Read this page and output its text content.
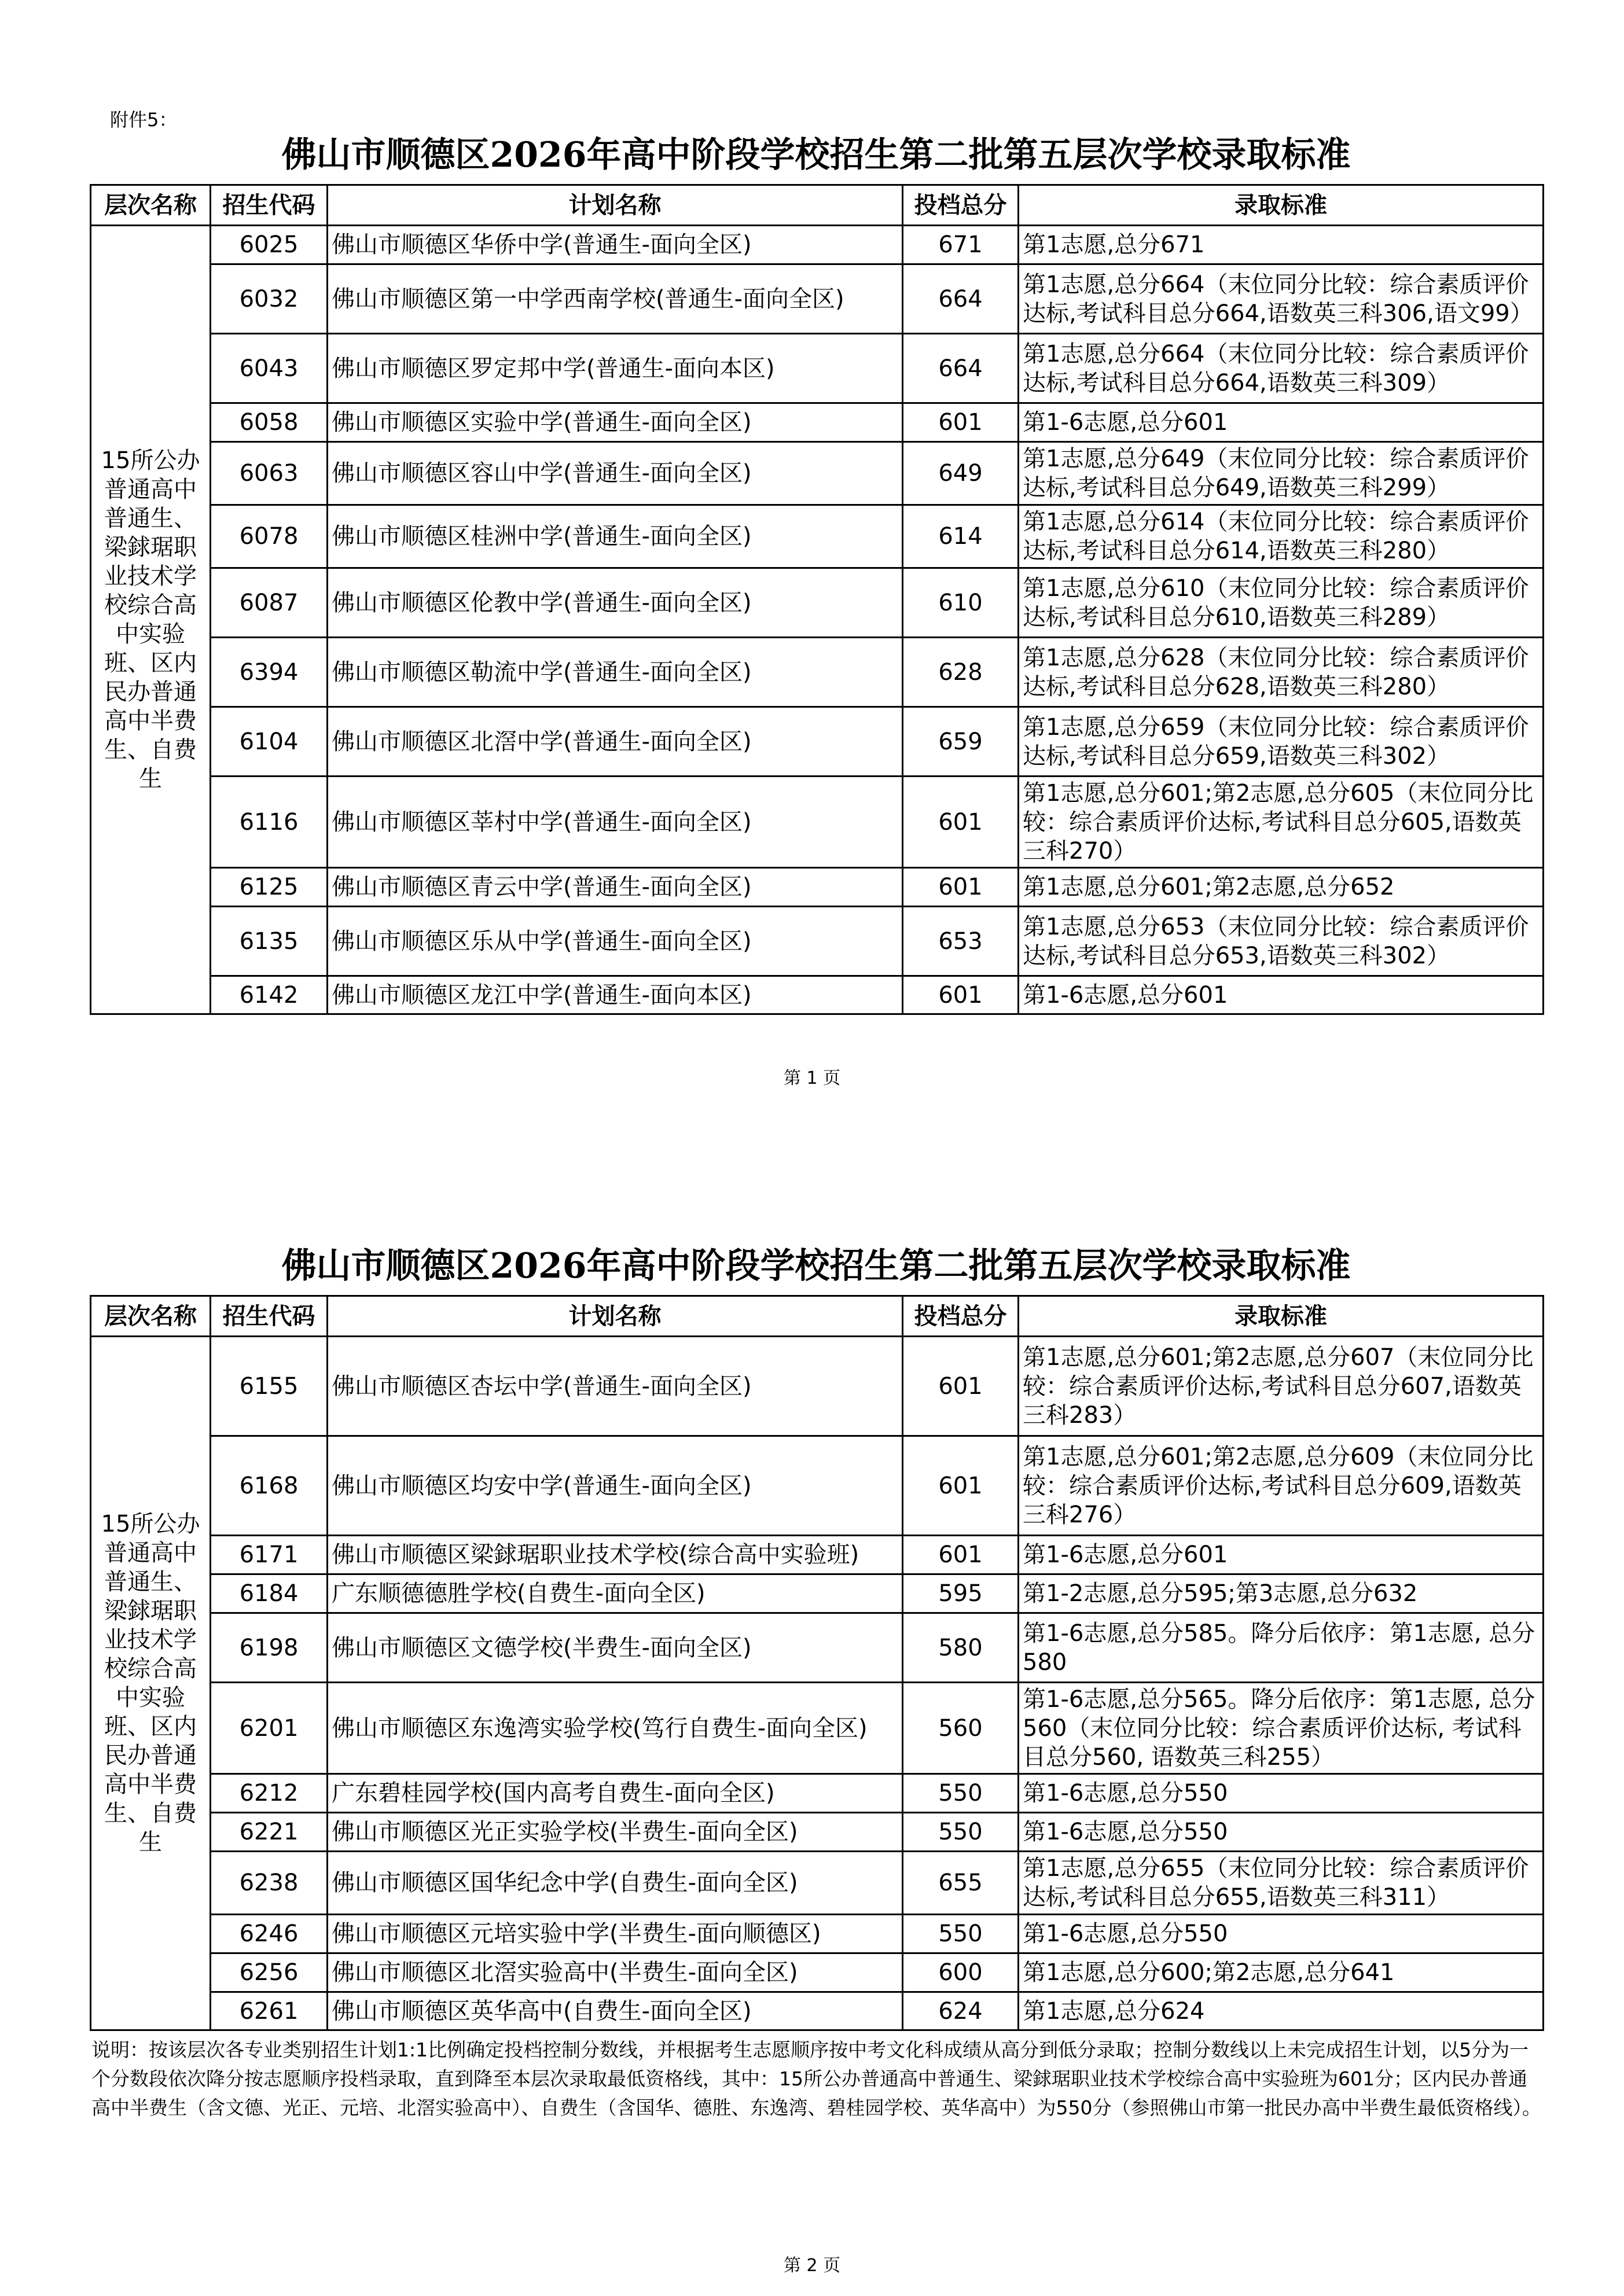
附件5：
佛山市顺德区2026年高中阶段学校招生第二批第五层次学校录取标准
层次名称	招生代码	计划名称	投档总分	录取标准
15所公办普通高中普通生、梁銶琚职业技术学校综合高中实验班、区内民办普通高中半费生、自费生	6025	佛山市顺德区华侨中学(普通生-面向全区)	671	第1志愿,总分671
	6032	佛山市顺德区第一中学西南学校(普通生-面向全区)	664	第1志愿,总分664（末位同分比较：综合素质评价达标,考试科目总分664,语数英三科306,语文99）
	6043	佛山市顺德区罗定邦中学(普通生-面向本区)	664	第1志愿,总分664（末位同分比较：综合素质评价达标,考试科目总分664,语数英三科309）
	6058	佛山市顺德区实验中学(普通生-面向全区)	601	第1-6志愿,总分601
	6063	佛山市顺德区容山中学(普通生-面向全区)	649	第1志愿,总分649（末位同分比较：综合素质评价达标,考试科目总分649,语数英三科299）
	6078	佛山市顺德区桂洲中学(普通生-面向全区)	614	第1志愿,总分614（末位同分比较：综合素质评价达标,考试科目总分614,语数英三科280）
	6087	佛山市顺德区伦教中学(普通生-面向全区)	610	第1志愿,总分610（末位同分比较：综合素质评价达标,考试科目总分610,语数英三科289）
	6394	佛山市顺德区勒流中学(普通生-面向全区)	628	第1志愿,总分628（末位同分比较：综合素质评价达标,考试科目总分628,语数英三科280）
	6104	佛山市顺德区北滘中学(普通生-面向全区)	659	第1志愿,总分659（末位同分比较：综合素质评价达标,考试科目总分659,语数英三科302）
	6116	佛山市顺德区莘村中学(普通生-面向全区)	601	第1志愿,总分601;第2志愿,总分605（末位同分比较：综合素质评价达标,考试科目总分605,语数英三科270）
	6125	佛山市顺德区青云中学(普通生-面向全区)	601	第1志愿,总分601;第2志愿,总分652
	6135	佛山市顺德区乐从中学(普通生-面向全区)	653	第1志愿,总分653（末位同分比较：综合素质评价达标,考试科目总分653,语数英三科302）
	6142	佛山市顺德区龙江中学(普通生-面向本区)	601	第1-6志愿,总分601
第 1 页
佛山市顺德区2026年高中阶段学校招生第二批第五层次学校录取标准
层次名称	招生代码	计划名称	投档总分	录取标准
15所公办普通高中普通生、梁銶琚职业技术学校综合高中实验班、区内民办普通高中半费生、自费生	6155	佛山市顺德区杏坛中学(普通生-面向全区)	601	第1志愿,总分601;第2志愿,总分607（末位同分比较：综合素质评价达标,考试科目总分607,语数英三科283）
	6168	佛山市顺德区均安中学(普通生-面向全区)	601	第1志愿,总分601;第2志愿,总分609（末位同分比较：综合素质评价达标,考试科目总分609,语数英三科276）
	6171	佛山市顺德区梁銶琚职业技术学校(综合高中实验班)	601	第1-6志愿,总分601
	6184	广东顺德德胜学校(自费生-面向全区)	595	第1-2志愿,总分595;第3志愿,总分632
	6198	佛山市顺德区文德学校(半费生-面向全区)	580	第1-6志愿,总分585。降分后依序：第1志愿, 总分580
	6201	佛山市顺德区东逸湾实验学校(笃行自费生-面向全区)	560	第1-6志愿,总分565。降分后依序：第1志愿, 总分560（末位同分比较：综合素质评价达标, 考试科目总分560, 语数英三科255）
	6212	广东碧桂园学校(国内高考自费生-面向全区)	550	第1-6志愿,总分550
	6221	佛山市顺德区光正实验学校(半费生-面向全区)	550	第1-6志愿,总分550
	6238	佛山市顺德区国华纪念中学(自费生-面向全区)	655	第1志愿,总分655（末位同分比较：综合素质评价达标,考试科目总分655,语数英三科311）
	6246	佛山市顺德区元培实验中学(半费生-面向顺德区)	550	第1-6志愿,总分550
	6256	佛山市顺德区北滘实验高中(半费生-面向全区)	600	第1志愿,总分600;第2志愿,总分641
	6261	佛山市顺德区英华高中(自费生-面向全区)	624	第1志愿,总分624
说明：按该层次各专业类别招生计划1:1比例确定投档控制分数线，并根据考生志愿顺序按中考文化科成绩从高分到低分录取；控制分数线以上未完成招生计划，以5分为一个分数段依次降分按志愿顺序投档录取，直到降至本层次录取最低资格线，其中：15所公办普通高中普通生、梁銶琚职业技术学校综合高中实验班为601分；区内民办普通高中半费生（含文德、光正、元培、北滘实验高中）、自费生（含国华、德胜、东逸湾、碧桂园学校、英华高中）为550分（参照佛山市第一批民办高中半费生最低资格线）。
第 2 页
